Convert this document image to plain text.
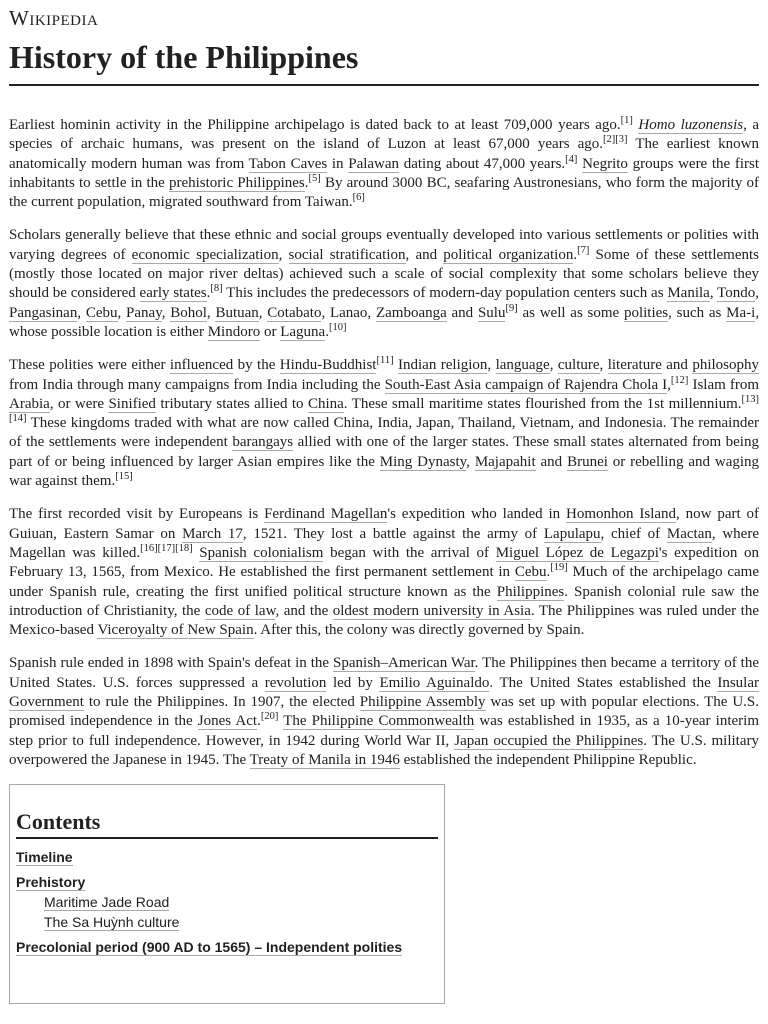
Wikipedia
History of the Philippines

Earliest hominin activity in the Philippine archipelago is dated back to at least 709,000 years ago.[1] Homo luzonensis, a species of archaic humans, was present on the island of Luzon at least 67,000 years ago.[2][3] The earliest known anatomically modern human was from Tabon Caves in Palawan dating about 47,000 years.[4] Negrito groups were the first inhabitants to settle in the prehistoric Philippines.[5] By around 3000 BC, seafaring Austronesians, who form the majority of the current population, migrated southward from Taiwan.[6]

Scholars generally believe that these ethnic and social groups eventually developed into various settlements or polities with varying degrees of economic specialization, social stratification, and political organization.[7] Some of these settlements (mostly those located on major river deltas) achieved such a scale of social complexity that some scholars believe they should be considered early states.[8] This includes the predecessors of modern-day population centers such as Manila, Tondo, Pangasinan, Cebu, Panay, Bohol, Butuan, Cotabato, Lanao, Zamboanga and Sulu[9] as well as some polities, such as Ma-i, whose possible location is either Mindoro or Laguna.[10]

These polities were either influenced by the Hindu-Buddhist[11] Indian religion, language, culture, literature and philosophy from India through many campaigns from India including the South-East Asia campaign of Rajendra Chola I,[12] Islam from Arabia, or were Sinified tributary states allied to China. These small maritime states flourished from the 1st millennium.[13][14] These kingdoms traded with what are now called China, India, Japan, Thailand, Vietnam, and Indonesia. The remainder of the settlements were independent barangays allied with one of the larger states. These small states alternated from being part of or being influenced by larger Asian empires like the Ming Dynasty, Majapahit and Brunei or rebelling and waging war against them.[15]

The first recorded visit by Europeans is Ferdinand Magellan's expedition who landed in Homonhon Island, now part of Guiuan, Eastern Samar on March 17, 1521. They lost a battle against the army of Lapulapu, chief of Mactan, where Magellan was killed.[16][17][18] Spanish colonialism began with the arrival of Miguel López de Legazpi's expedition on February 13, 1565, from Mexico. He established the first permanent settlement in Cebu.[19] Much of the archipelago came under Spanish rule, creating the first unified political structure known as the Philippines. Spanish colonial rule saw the introduction of Christianity, the code of law, and the oldest modern university in Asia. The Philippines was ruled under the Mexico-based Viceroyalty of New Spain. After this, the colony was directly governed by Spain.

Spanish rule ended in 1898 with Spain's defeat in the Spanish–American War. The Philippines then became a territory of the United States. U.S. forces suppressed a revolution led by Emilio Aguinaldo. The United States established the Insular Government to rule the Philippines. In 1907, the elected Philippine Assembly was set up with popular elections. The U.S. promised independence in the Jones Act.[20] The Philippine Commonwealth was established in 1935, as a 10-year interim step prior to full independence. However, in 1942 during World War II, Japan occupied the Philippines. The U.S. military overpowered the Japanese in 1945. The Treaty of Manila in 1946 established the independent Philippine Republic.

Contents
Timeline
Prehistory
Maritime Jade Road
The Sa Huỳnh culture
Precolonial period (900 AD to 1565) – Independent polities
